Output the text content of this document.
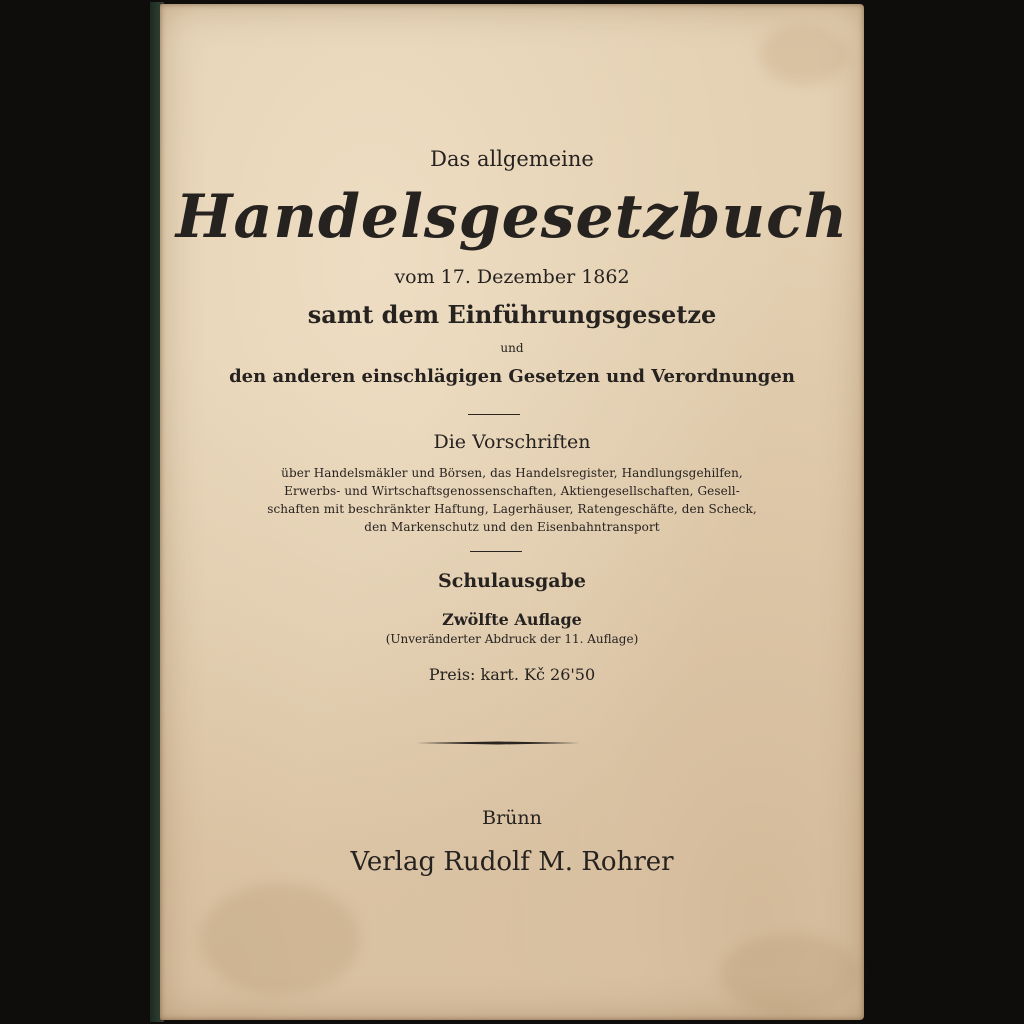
Das allgemeine
Handelsgesetzbuch
vom 17. Dezember 1862
samt dem Einführungsgesetze
und
den anderen einschlägigen Gesetzen und Verordnungen
Die Vorschriften
über Handelsmäkler und Börsen, das Handelsregister, Handlungsgehilfen,
Erwerbs- und Wirtschaftsgenossenschaften, Aktiengesellschaften, Gesell-
schaften mit beschränkter Haftung, Lagerhäuser, Ratengeschäfte, den Scheck,
den Markenschutz und den Eisenbahntransport
Schulausgabe
Zwölfte Auflage
(Unveränderter Abdruck der 11. Auflage)
Preis: kart. Kč 26'50
Brünn
Verlag Rudolf M. Rohrer
